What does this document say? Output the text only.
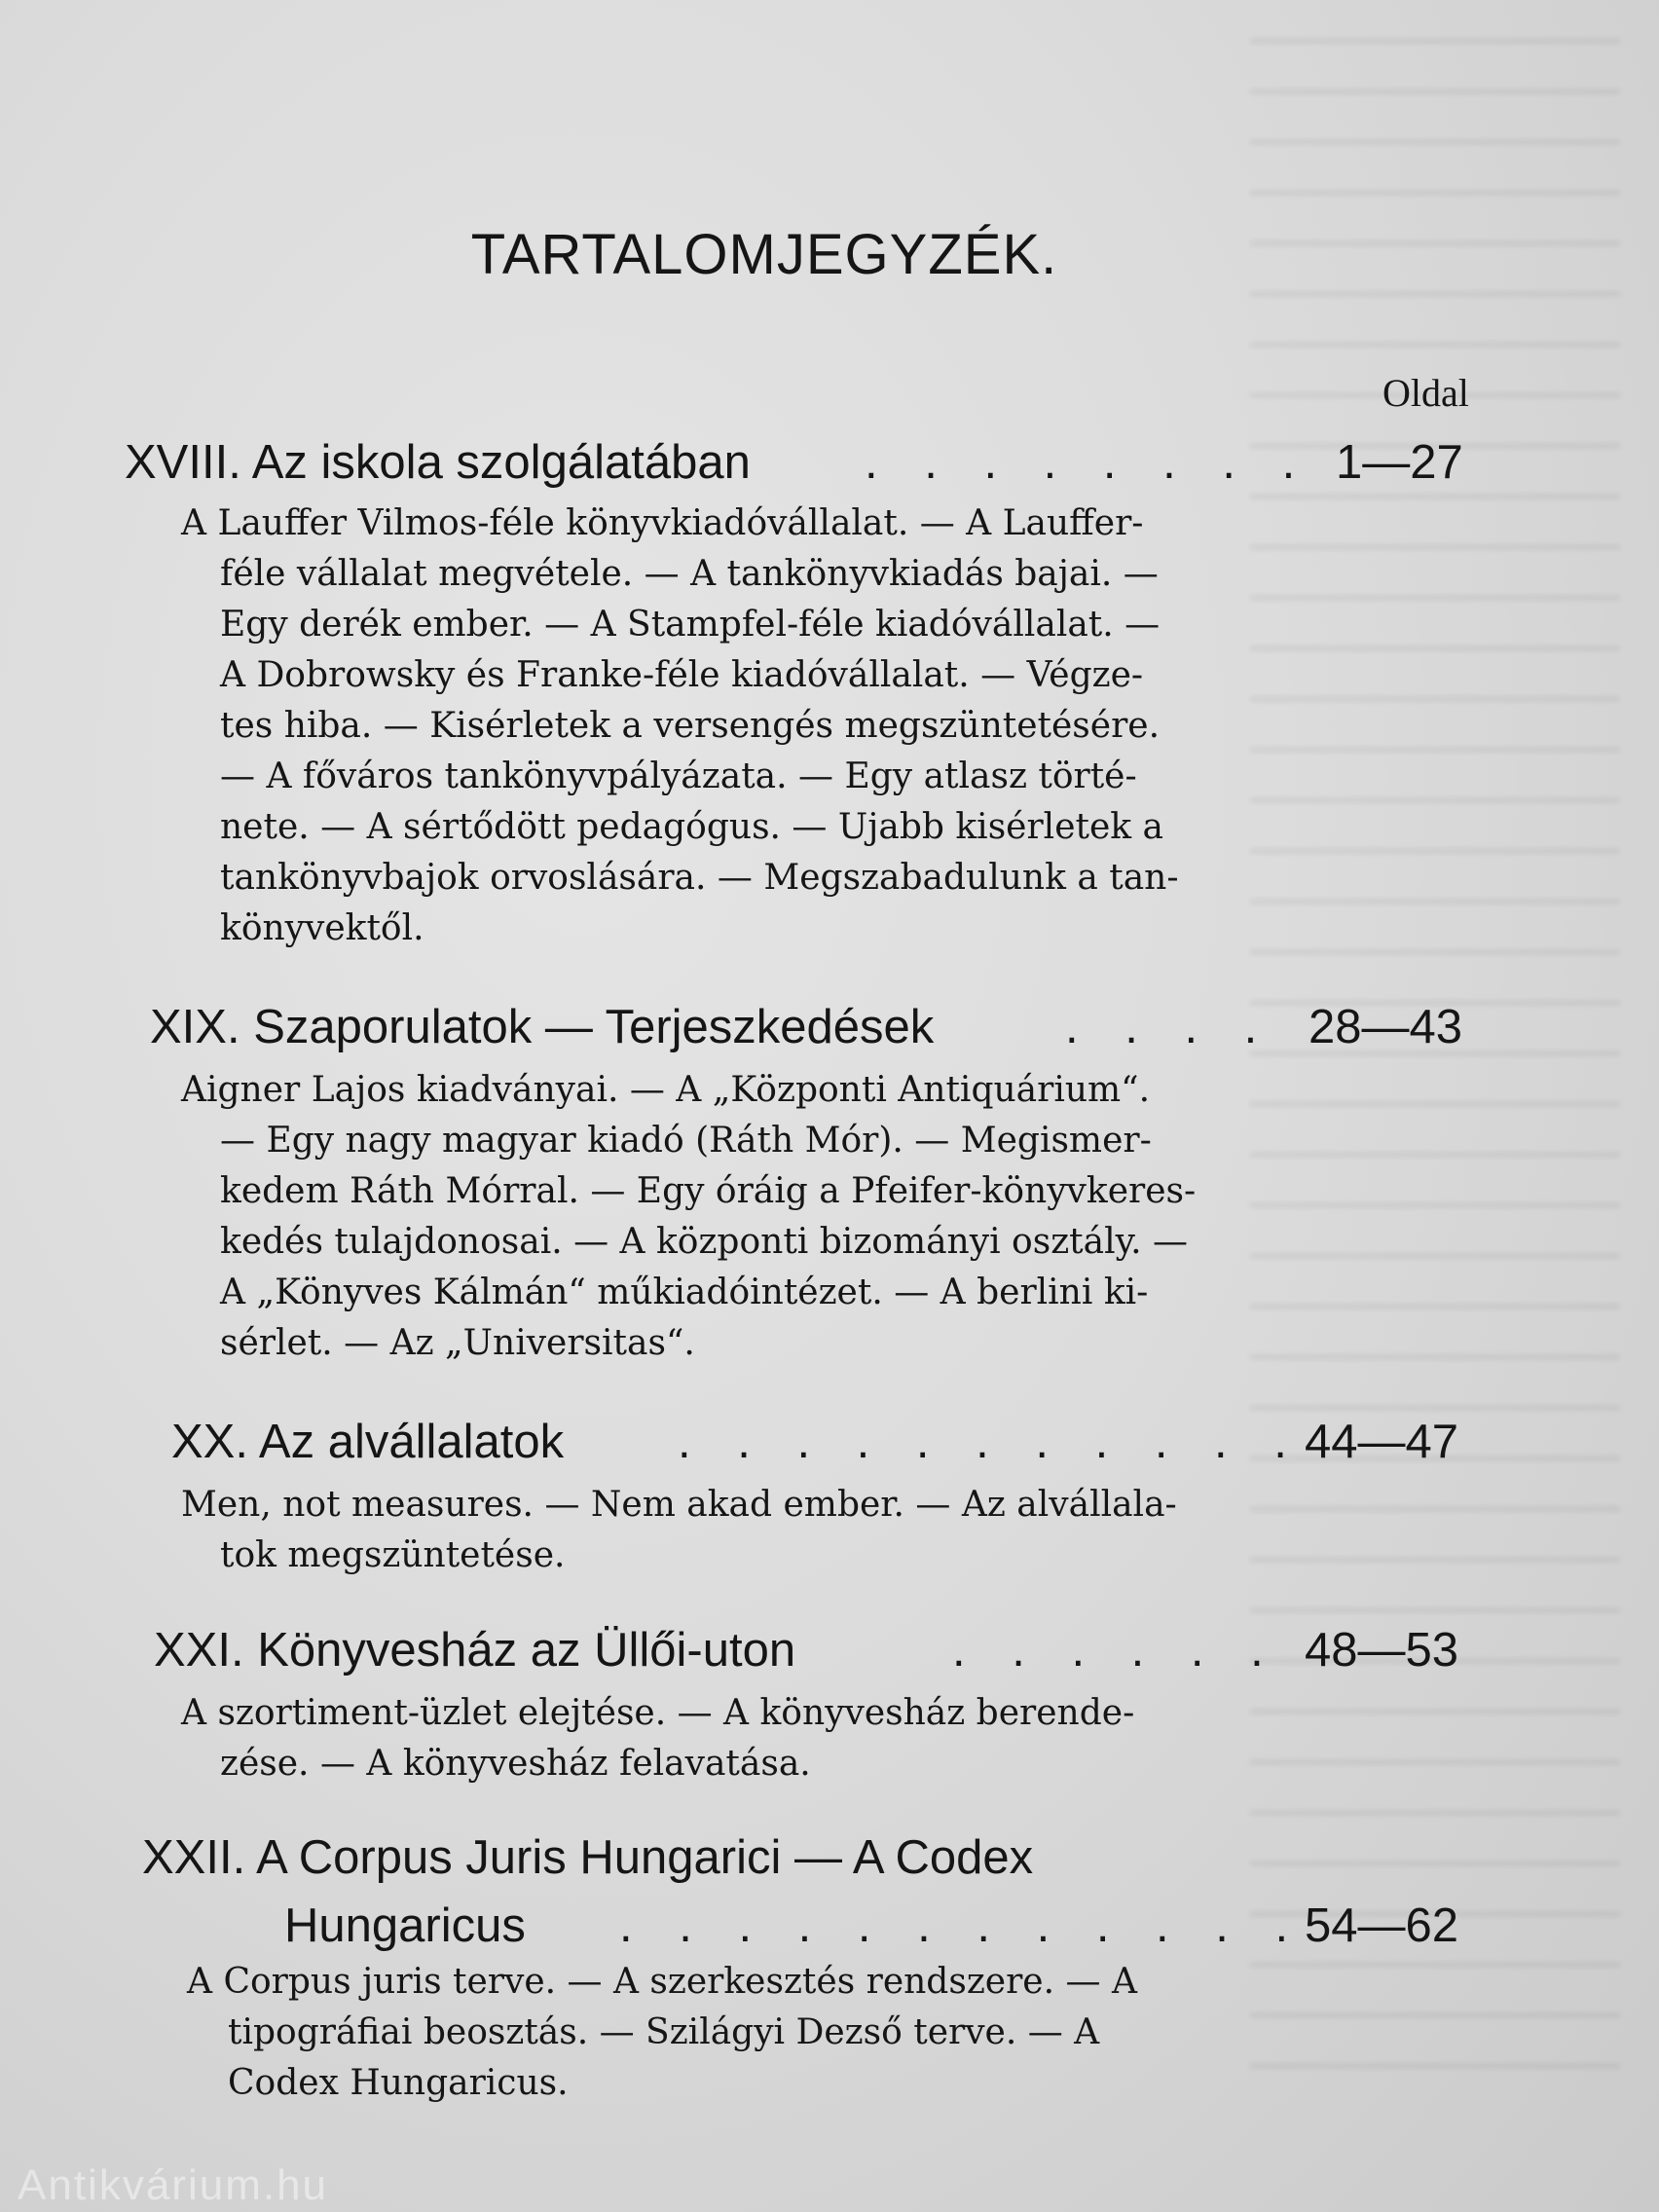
TARTALOMJEGYZÉK.
Oldal
XVIII. Az iskola szolgálatában . . . . . . . . 1—27
A Lauffer Vilmos-féle könyvkiadóvállalat. — A Lauffer-
féle vállalat megvétele. — A tankönyvkiadás bajai. —
Egy derék ember. — A Stampfel-féle kiadóvállalat. —
A Dobrowsky és Franke-féle kiadóvállalat. — Végze-
tes hiba. — Kisérletek a versengés megszüntetésére.
— A főváros tankönyvpályázata. — Egy atlasz törté-
nete. — A sértődött pedagógus. — Ujabb kisérletek a
tankönyvbajok orvoslására. — Megszabadulunk a tan-
könyvektől.
XIX. Szaporulatok — Terjeszkedések	. . . . 28—43
Aigner Lajos kiadványai. — A „Központi Antiquárium“.
— Egy nagy magyar kiadó (Ráth Mór). — Megismer-
kedem Ráth Mórral. — Egy óráig a Pfeifer-könyvkeres-
kedés tulajdonosai. — A központi bizományi osztály. —
A „Könyves Kálmán“ műkiadóintézet. — A berlini ki-
sérlet. — Az „Universitas“.
XX. Az alvállalatok . . . . . . . . . . . 44—47
Men, not measures. — Nem akad ember. — Az alvállala-
tok megszüntetése.
XXI. Könyvesház az Üllői-uton	. . . . . . 48—53
A szortiment-üzlet elejtése. — A könyvesház berende-
zése. — A könyvesház felavatása.
XXII. A Corpus Juris Hungarici — A Codex
Hungaricus . . . . . . . . . . . . 54—62
A Corpus juris terve. — A szerkesztés rendszere. — A
tipográfiai beosztás. — Szilágyi Dezső terve. — A
Codex Hungaricus.
Antikvárium.hu
